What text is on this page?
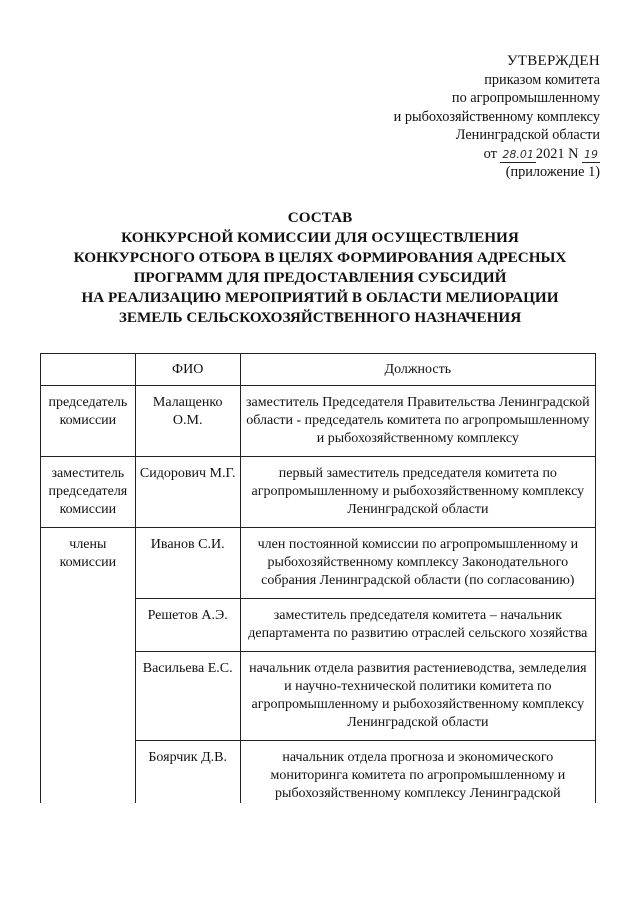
УТВЕРЖДЕН
приказом комитета
по агропромышленному
и рыбохозяйственному комплексу
Ленинградской области
от 28.01 2021 N 19
(приложение 1)
СОСТАВ
КОНКУРСНОЙ КОМИССИИ ДЛЯ ОСУЩЕСТВЛЕНИЯ
КОНКУРСНОГО ОТБОРА В ЦЕЛЯХ ФОРМИРОВАНИЯ АДРЕСНЫХ
ПРОГРАММ ДЛЯ ПРЕДОСТАВЛЕНИЯ СУБСИДИЙ
НА РЕАЛИЗАЦИЮ МЕРОПРИЯТИЙ В ОБЛАСТИ МЕЛИОРАЦИИ
ЗЕМЕЛЬ СЕЛЬСКОХОЗЯЙСТВЕННОГО НАЗНАЧЕНИЯ
	ФИО	Должность
председатель комиссии	Малащенко О.М.	заместитель Председателя Правительства Ленинградской области - председатель комитета по агропромышленному и рыбохозяйственному комплексу
заместитель председателя комиссии	Сидорович М.Г.	первый заместитель председателя комитета по агропромышленному и рыбохозяйственному комплексу Ленинградской области
члены комиссии	Иванов С.И.	член постоянной комиссии по агропромышленному и рыбохозяйственному комплексу Законодательного собрания Ленинградской области (по согласованию)
	Решетов А.Э.	заместитель председателя комитета – начальник департамента по развитию отраслей сельского хозяйства
	Васильева Е.С.	начальник отдела развития растениеводства, земледелия и научно-технической политики комитета по агропромышленному и рыбохозяйственному комплексу Ленинградской области
	Боярчик Д.В.	начальник отдела прогноза и экономического мониторинга комитета по агропромышленному и рыбохозяйственному комплексу Ленинградской
